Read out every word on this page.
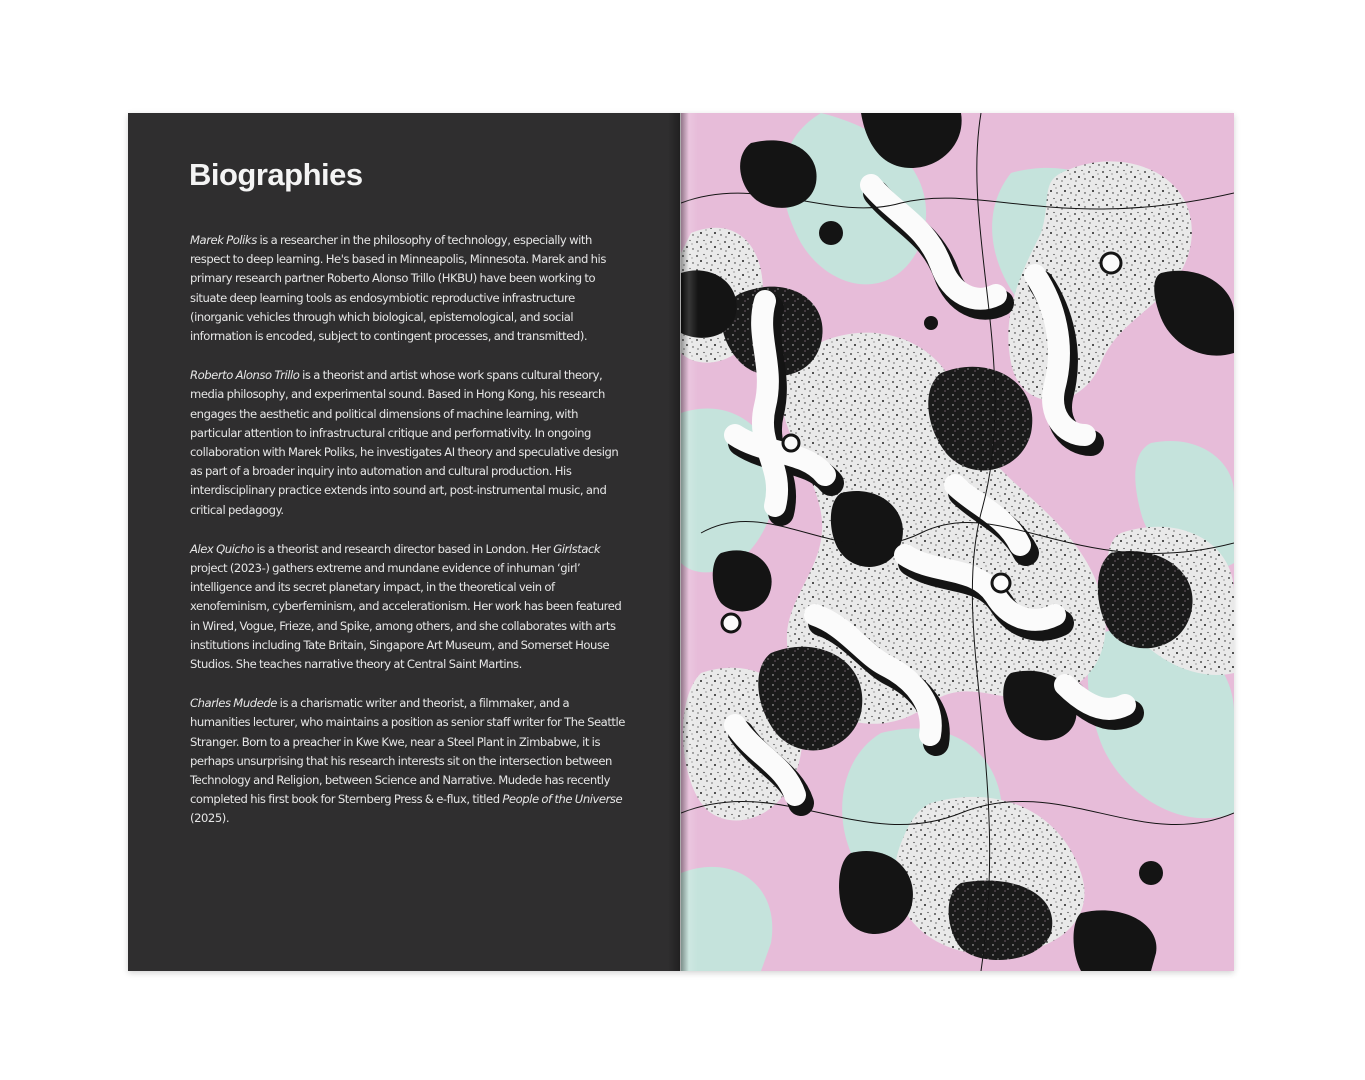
Biographies

Marek Poliks is a researcher in the philosophy of technology, especially with respect to deep learning. He's based in Minneapolis, Minnesota. Marek and his primary research partner Roberto Alonso Trillo (HKBU) have been working to situate deep learning tools as endosymbiotic reproductive infrastructure (inorganic vehicles through which biological, epistemological, and social information is encoded, subject to contingent processes, and transmitted).

Roberto Alonso Trillo is a theorist and artist whose work spans cultural theory, media philosophy, and experimental sound. Based in Hong Kong, his research engages the aesthetic and political dimensions of machine learning, with particular attention to infrastructural critique and performativity. In ongoing collaboration with Marek Poliks, he investigates AI theory and speculative design as part of a broader inquiry into automation and cultural production. His interdisciplinary practice extends into sound art, post-instrumental music, and critical pedagogy.

Alex Quicho is a theorist and research director based in London. Her Girlstack project (2023-) gathers extreme and mundane evidence of inhuman ‘girl’ intelligence and its secret planetary impact, in the theoretical vein of xenofeminism, cyberfeminism, and accelerationism. Her work has been featured in Wired, Vogue, Frieze, and Spike, among others, and she collaborates with arts institutions including Tate Britain, Singapore Art Museum, and Somerset House Studios. She teaches narrative theory at Central Saint Martins.

Charles Mudede is a charismatic writer and theorist, a filmmaker, and a humanities lecturer, who maintains a position as senior staff writer for The Seattle Stranger. Born to a preacher in Kwe Kwe, near a Steel Plant in Zimbabwe, it is perhaps unsurprising that his research interests sit on the intersection between Technology and Religion, between Science and Narrative. Mudede has recently completed his first book for Sternberg Press & e-flux, titled People of the Universe (2025).
